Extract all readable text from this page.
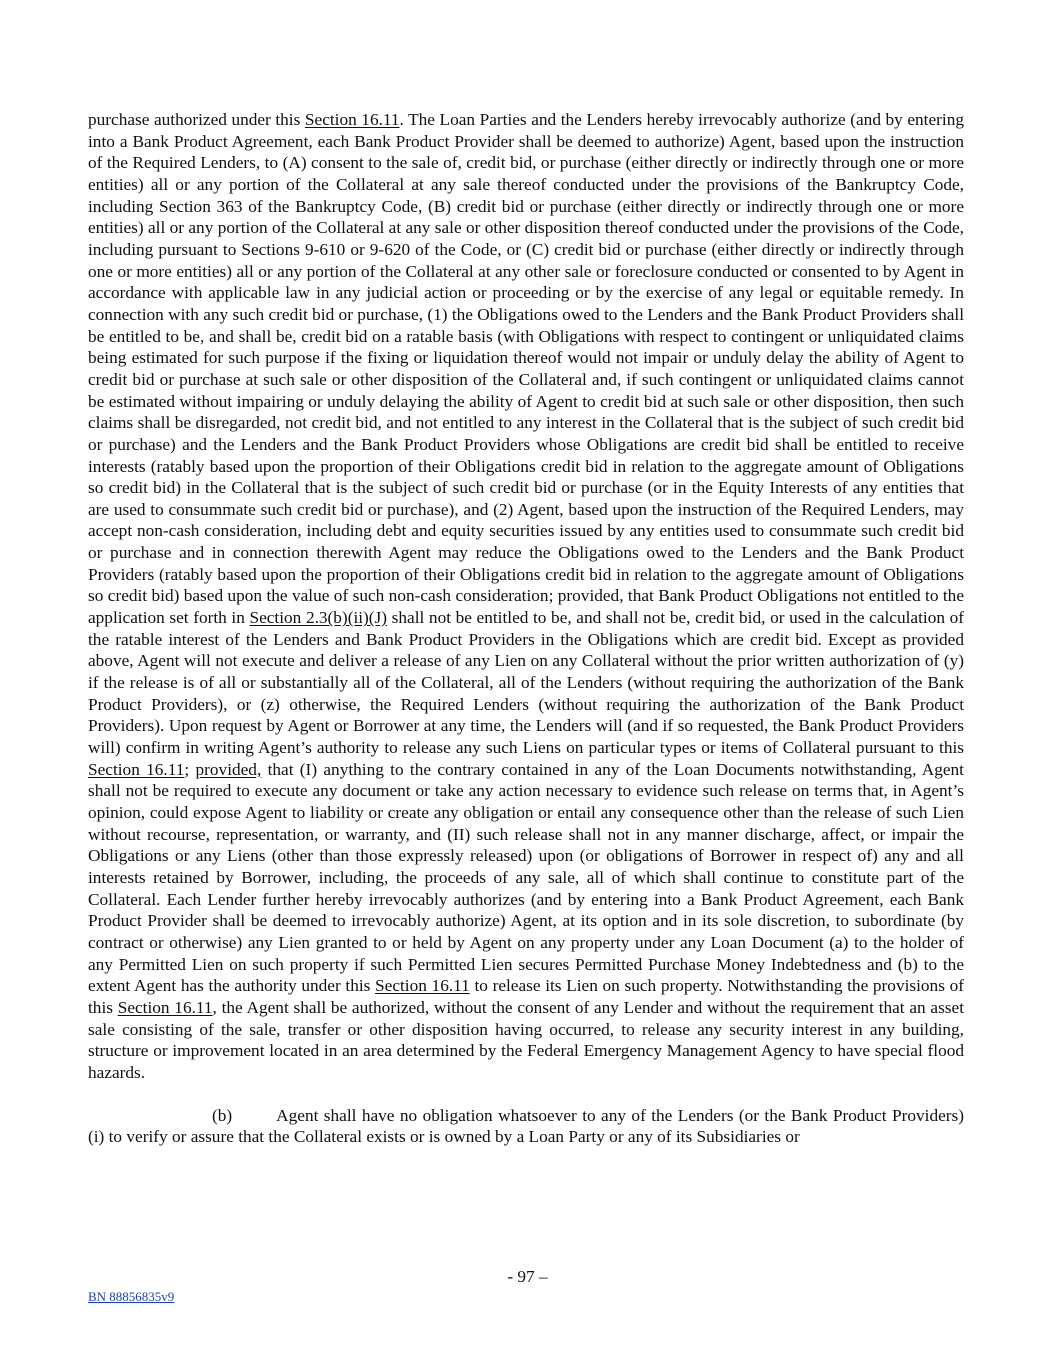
purchase authorized under this Section 16.11. The Loan Parties and the Lenders hereby irrevocably authorize (and by entering into a Bank Product Agreement, each Bank Product Provider shall be deemed to authorize) Agent, based upon the instruction of the Required Lenders, to (A) consent to the sale of, credit bid, or purchase (either directly or indirectly through one or more entities) all or any portion of the Collateral at any sale thereof conducted under the provisions of the Bankruptcy Code, including Section 363 of the Bankruptcy Code, (B) credit bid or purchase (either directly or indirectly through one or more entities) all or any portion of the Collateral at any sale or other disposition thereof conducted under the provisions of the Code, including pursuant to Sections 9-610 or 9-620 of the Code, or (C) credit bid or purchase (either directly or indirectly through one or more entities) all or any portion of the Collateral at any other sale or foreclosure conducted or consented to by Agent in accordance with applicable law in any judicial action or proceeding or by the exercise of any legal or equitable remedy. In connection with any such credit bid or purchase, (1) the Obligations owed to the Lenders and the Bank Product Providers shall be entitled to be, and shall be, credit bid on a ratable basis (with Obligations with respect to contingent or unliquidated claims being estimated for such purpose if the fixing or liquidation thereof would not impair or unduly delay the ability of Agent to credit bid or purchase at such sale or other disposition of the Collateral and, if such contingent or unliquidated claims cannot be estimated without impairing or unduly delaying the ability of Agent to credit bid at such sale or other disposition, then such claims shall be disregarded, not credit bid, and not entitled to any interest in the Collateral that is the subject of such credit bid or purchase) and the Lenders and the Bank Product Providers whose Obligations are credit bid shall be entitled to receive interests (ratably based upon the proportion of their Obligations credit bid in relation to the aggregate amount of Obligations so credit bid) in the Collateral that is the subject of such credit bid or purchase (or in the Equity Interests of any entities that are used to consummate such credit bid or purchase), and (2) Agent, based upon the instruction of the Required Lenders, may accept non-cash consideration, including debt and equity securities issued by any entities used to consummate such credit bid or purchase and in connection therewith Agent may reduce the Obligations owed to the Lenders and the Bank Product Providers (ratably based upon the proportion of their Obligations credit bid in relation to the aggregate amount of Obligations so credit bid) based upon the value of such non-cash consideration; provided, that Bank Product Obligations not entitled to the application set forth in Section 2.3(b)(ii)(J) shall not be entitled to be, and shall not be, credit bid, or used in the calculation of the ratable interest of the Lenders and Bank Product Providers in the Obligations which are credit bid. Except as provided above, Agent will not execute and deliver a release of any Lien on any Collateral without the prior written authorization of (y) if the release is of all or substantially all of the Collateral, all of the Lenders (without requiring the authorization of the Bank Product Providers), or (z) otherwise, the Required Lenders (without requiring the authorization of the Bank Product Providers). Upon request by Agent or Borrower at any time, the Lenders will (and if so requested, the Bank Product Providers will) confirm in writing Agent’s authority to release any such Liens on particular types or items of Collateral pursuant to this Section 16.11; provided, that (I) anything to the contrary contained in any of the Loan Documents notwithstanding, Agent shall not be required to execute any document or take any action necessary to evidence such release on terms that, in Agent’s opinion, could expose Agent to liability or create any obligation or entail any consequence other than the release of such Lien without recourse, representation, or warranty, and (II) such release shall not in any manner discharge, affect, or impair the Obligations or any Liens (other than those expressly released) upon (or obligations of Borrower in respect of) any and all interests retained by Borrower, including, the proceeds of any sale, all of which shall continue to constitute part of the Collateral. Each Lender further hereby irrevocably authorizes (and by entering into a Bank Product Agreement, each Bank Product Provider shall be deemed to irrevocably authorize) Agent, at its option and in its sole discretion, to subordinate (by contract or otherwise) any Lien granted to or held by Agent on any property under any Loan Document (a) to the holder of any Permitted Lien on such property if such Permitted Lien secures Permitted Purchase Money Indebtedness and (b) to the extent Agent has the authority under this Section 16.11 to release its Lien on such property. Notwithstanding the provisions of this Section 16.11, the Agent shall be authorized, without the consent of any Lender and without the requirement that an asset sale consisting of the sale, transfer or other disposition having occurred, to release any security interest in any building, structure or improvement located in an area determined by the Federal Emergency Management Agency to have special flood hazards.

(b)	Agent shall have no obligation whatsoever to any of the Lenders (or the Bank Product Providers) (i) to verify or assure that the Collateral exists or is owned by a Loan Party or any of its Subsidiaries or

- 97 –
BN 88856835v9
